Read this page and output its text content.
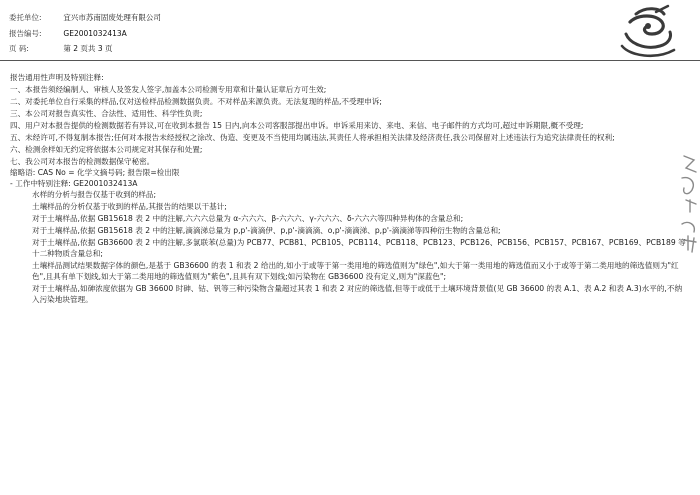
委托单位:	宜兴市苏南固废处理有限公司
报告编号:	GE2001032413A
页 码:	第 2 页共 3 页
报告通用性声明及特别注释:
一、本报告须经编制人、审核人及签发人签字,加盖本公司检测专用章和计量认证章后方可生效;
二、对委托单位自行采集的样品,仅对送检样品检测数据负责。不对样品来源负责。无法复现的样品,不受理申诉;
三、本公司对报告真实性、合法性、适用性、科学性负责;
四、用户对本报告提供的检测数据若有异议,可在收到本报告 15 日内,向本公司客服部提出申诉。申诉采用来访、来电、来信、电子邮件的方式均可,超过申诉期限,概不受理;
五、未经许可,不得复制本报告;任何对本报告未经授权之涂改、伪造、变更及不当使用均属违法,其责任人将承担相关法律及经济责任,我公司保留对上述违法行为追究法律责任的权利;
六、检测余样如无约定将依据本公司规定对其保存和处置;
七、我公司对本报告的检测数据保守秘密。
缩略语: CAS No = 化学文摘号码; 报告限=检出限
- 工作中特别注释: GE2001032413A
水样的分析与报告仅基于收到的样品;
土壤样品的分析仅基于收到的样品,其报告的结果以干基计;
对于土壤样品,依据 GB15618 表 2 中的注解,六六六总量为 α-六六六、β-六六六、γ-六六六、δ-六六六等四种异构体的含量总和;
对于土壤样品,依据 GB15618 表 2 中的注解,滴滴涕总量为 p,p'-滴滴伊、p,p'-滴滴滴、o,p'-滴滴涕、p,p'-滴滴涕等四种衍生物的含量总和;
对于土壤样品,依据 GB36600 表 2 中的注解,多氯联苯(总量)为 PCB77、PCB81、PCB105、PCB114、PCB118、PCB123、PCB126、PCB156、PCB157、PCB167、PCB169、PCB189 等十二种物质含量总和;
土壤样品测试结果数据字体的颜色,是基于 GB36600 的表 1 和表 2 给出的,如小于或等于第一类用地的筛选值则为"绿色",如大于第一类用地的筛选值而又小于或等于第二类用地的筛选值则为"红色",且具有单下划线,如大于第二类用地的筛选值则为"紫色",且具有双下划线;如污染物在 GB36600 没有定义,则为"深蓝色";
对于土壤样品,如砷浓度依据为 GB 36600 时砷、钴、钒等三种污染物含量超过其表 1 和表 2 对应的筛选值,但等于或低于土壤环境背景值(见 GB 36600 的表 A.1、表 A.2 和表 A.3)水平的,不纳入污染地块管理。
